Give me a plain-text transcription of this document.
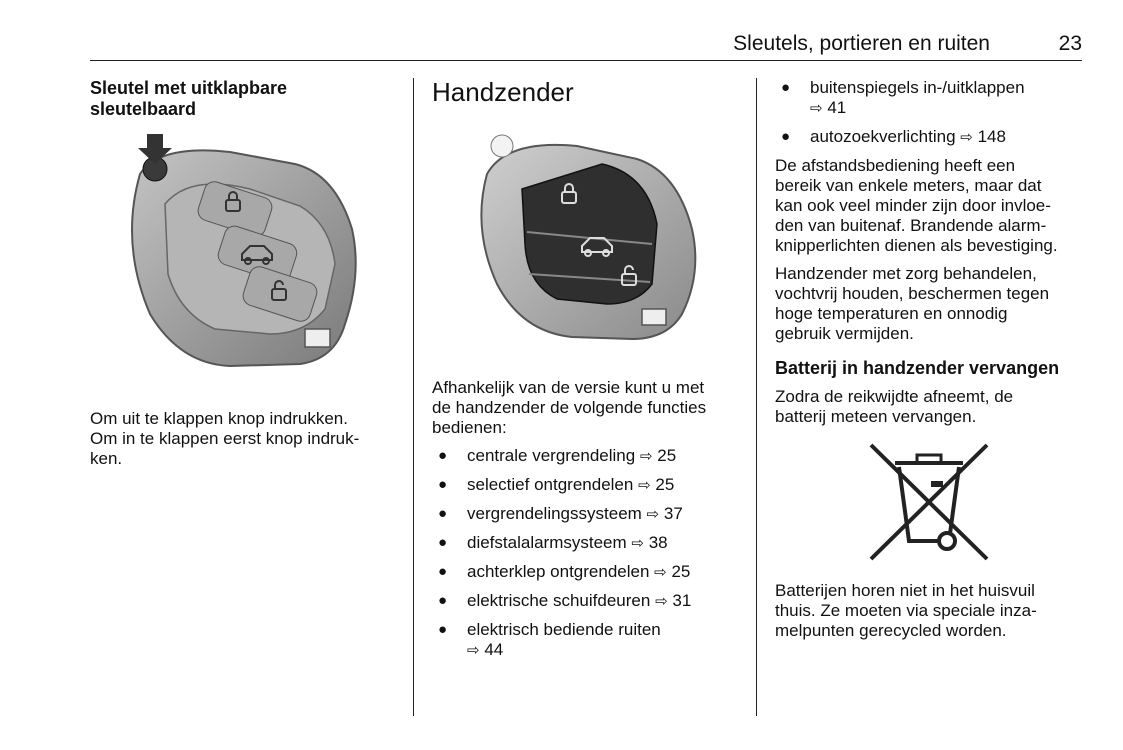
Sleutels, portieren en ruiten	23
Sleutel met uitklapbare
sleutelbaard

Om uit te klappen knop indrukken.
Om in te klappen eerst knop indruk-
ken.

Handzender

Afhankelijk van de versie kunt u met
de handzender de volgende functies
bedienen:

● centrale vergrendeling ⇨ 25
● selectief ontgrendelen ⇨ 25
● vergrendelingssysteem ⇨ 37
● diefstalalarmsysteem ⇨ 38
● achterklep ontgrendelen ⇨ 25
● elektrische schuifdeuren ⇨ 31
● elektrisch bediende ruiten
⇨ 44
● buitenspiegels in-/uitklappen
⇨ 41
● autozoekverlichting ⇨ 148

De afstandsbediening heeft een
bereik van enkele meters, maar dat
kan ook veel minder zijn door invloe-
den van buitenaf. Brandende alarm-
knipperlichten dienen als bevestiging.

Handzender met zorg behandelen,
vochtvrij houden, beschermen tegen
hoge temperaturen en onnodig
gebruik vermijden.

Batterij in handzender vervangen

Zodra de reikwijdte afneemt, de
batterij meteen vervangen.

Batterijen horen niet in het huisvuil
thuis. Ze moeten via speciale inza-
melpunten gerecycled worden.
